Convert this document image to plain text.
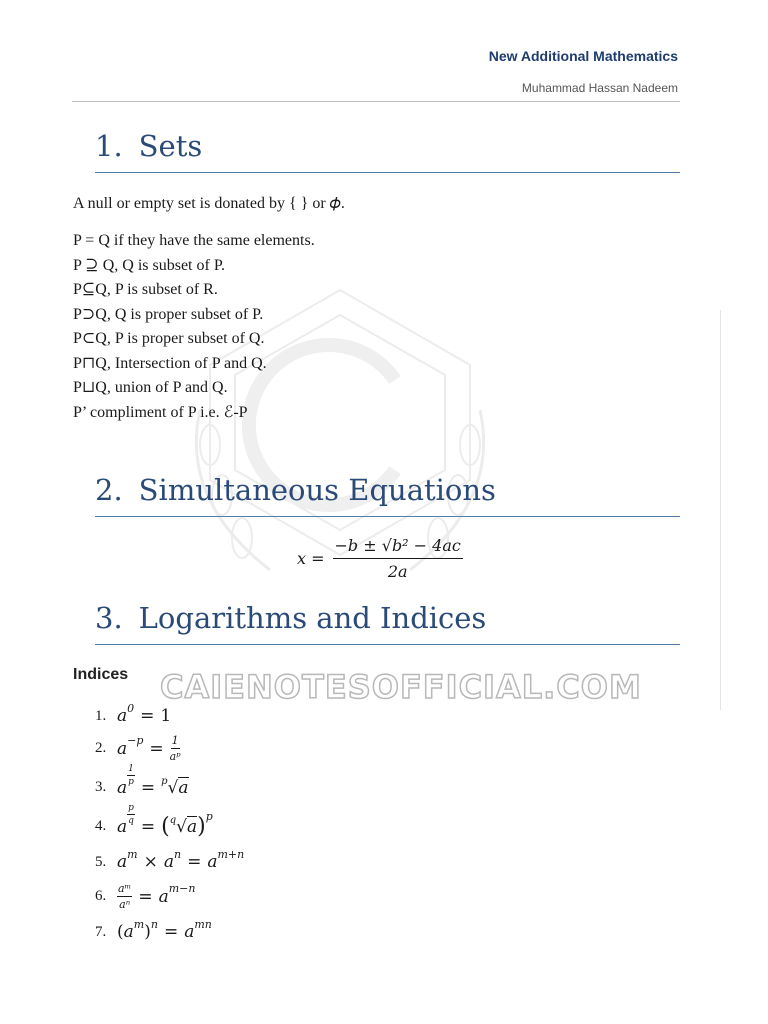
New Additional Mathematics
Muhammad Hassan Nadeem
1. Sets
A null or empty set is donated by { } or 𝜙.
P = Q if they have the same elements.
P ⊇ Q, Q is subset of P.
P⊆Q, P is subset of R.
P⊃Q, Q is proper subset of P.
P⊂Q, P is proper subset of Q.
P⊓Q, Intersection of P and Q.
P⊔Q, union of P and Q.
P’ compliment of P i.e. ℰ-P
2. Simultaneous Equations
$x = \frac{\text{−b ± √b² − 4ac}}{2a}$
3. Logarithms and Indices
CAIENOTESOFFICIAL.COM
Indices
1. a 0 = 1
2. $a -p = \frac{1}{\text{aᵖ}}$
3. a
$\frac{1}{p}$
= p √ a
4. a
$\frac{p}{q}$
= ( q √ a ) p
5. a m × a n = a m+n
6. $\frac{\text{aᵐ}}{\text{aⁿ}} = a$ m−n
7. ( a m ) n = a mn
